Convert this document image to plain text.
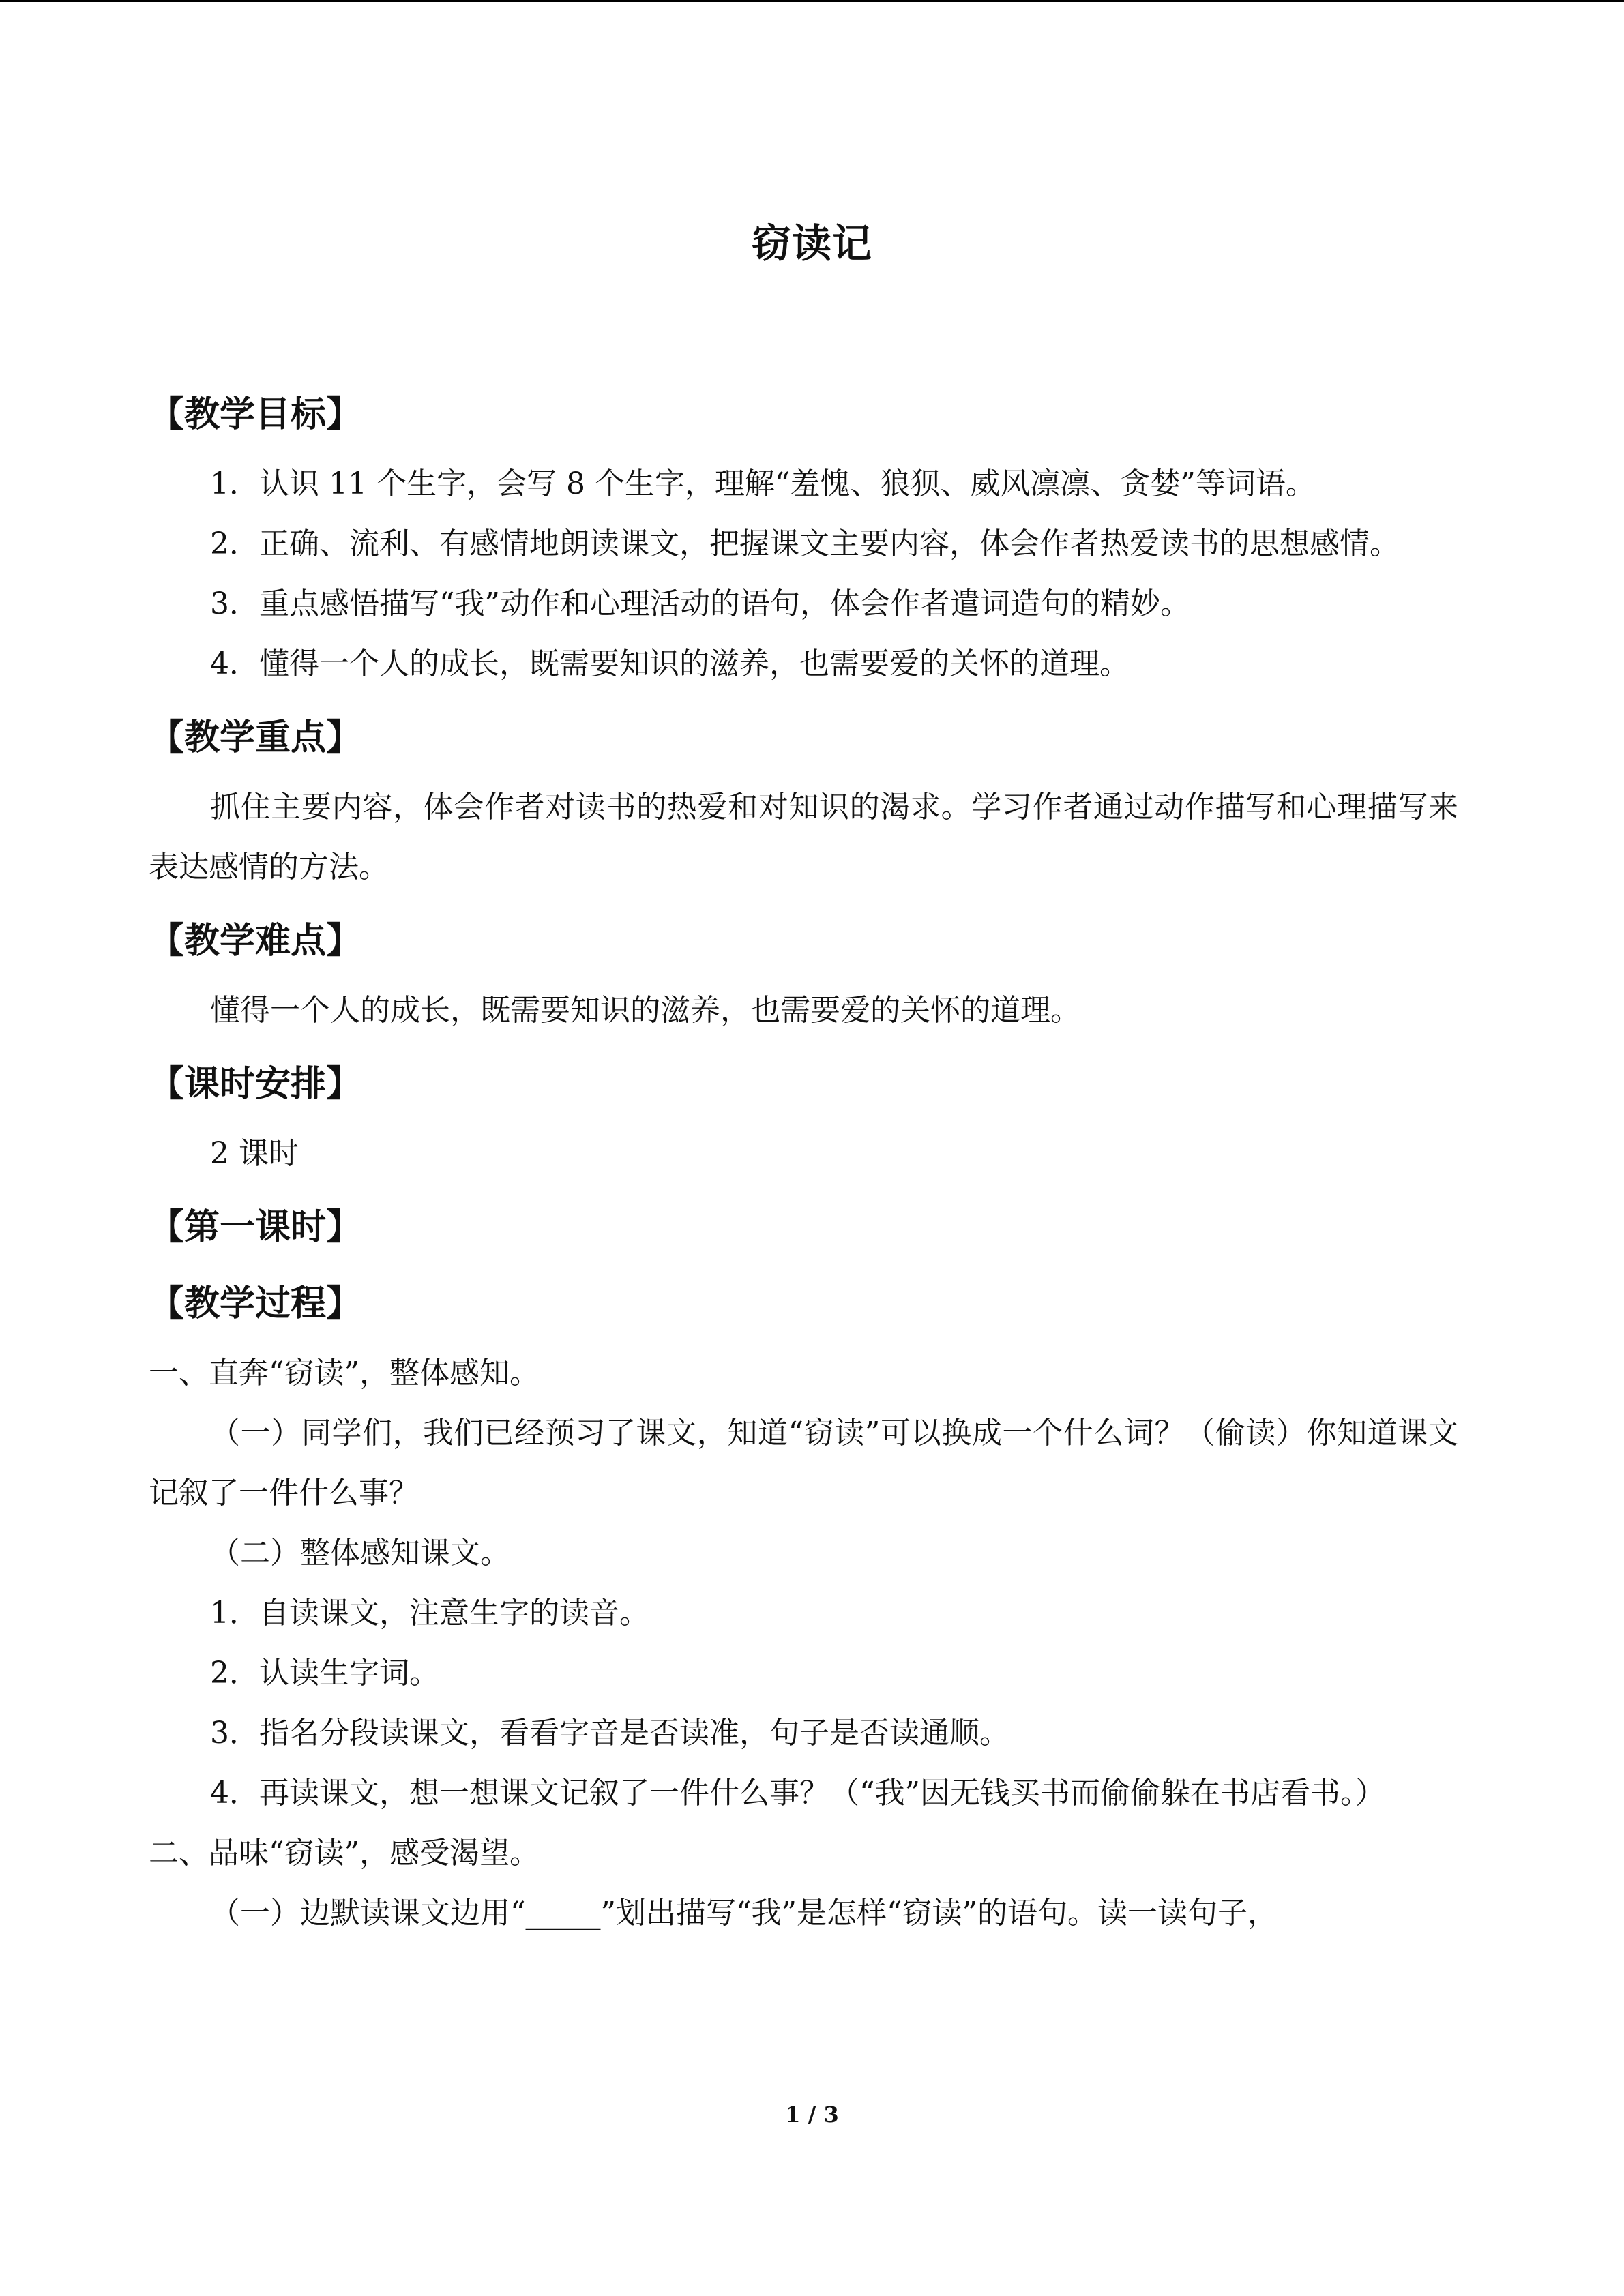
窃读记
【教学目标】
1．认识 11 个生字，会写 8 个生字，理解“羞愧、狼狈、威风凛凛、贪婪”等词语。
2．正确、流利、有感情地朗读课文，把握课文主要内容，体会作者热爱读书的思想感情。
3．重点感悟描写“我”动作和心理活动的语句，体会作者遣词造句的精妙。
4．懂得一个人的成长，既需要知识的滋养，也需要爱的关怀的道理。
【教学重点】
抓住主要内容，体会作者对读书的热爱和对知识的渴求。学习作者通过动作描写和心理描写来表达感情的方法。
【教学难点】
懂得一个人的成长，既需要知识的滋养，也需要爱的关怀的道理。
【课时安排】
2 课时
【第一课时】
【教学过程】
一、直奔“窃读”，整体感知。
（一）同学们，我们已经预习了课文，知道“窃读”可以换成一个什么词？（偷读）你知道课文记叙了一件什么事？
（二）整体感知课文。
1．自读课文，注意生字的读音。
2．认读生字词。
3．指名分段读课文，看看字音是否读准，句子是否读通顺。
4．再读课文，想一想课文记叙了一件什么事？（“我”因无钱买书而偷偷躲在书店看书。）
二、品味“窃读”，感受渴望。
（一）边默读课文边用“_____”划出描写“我”是怎样“窃读”的语句。读一读句子，
1 / 3
